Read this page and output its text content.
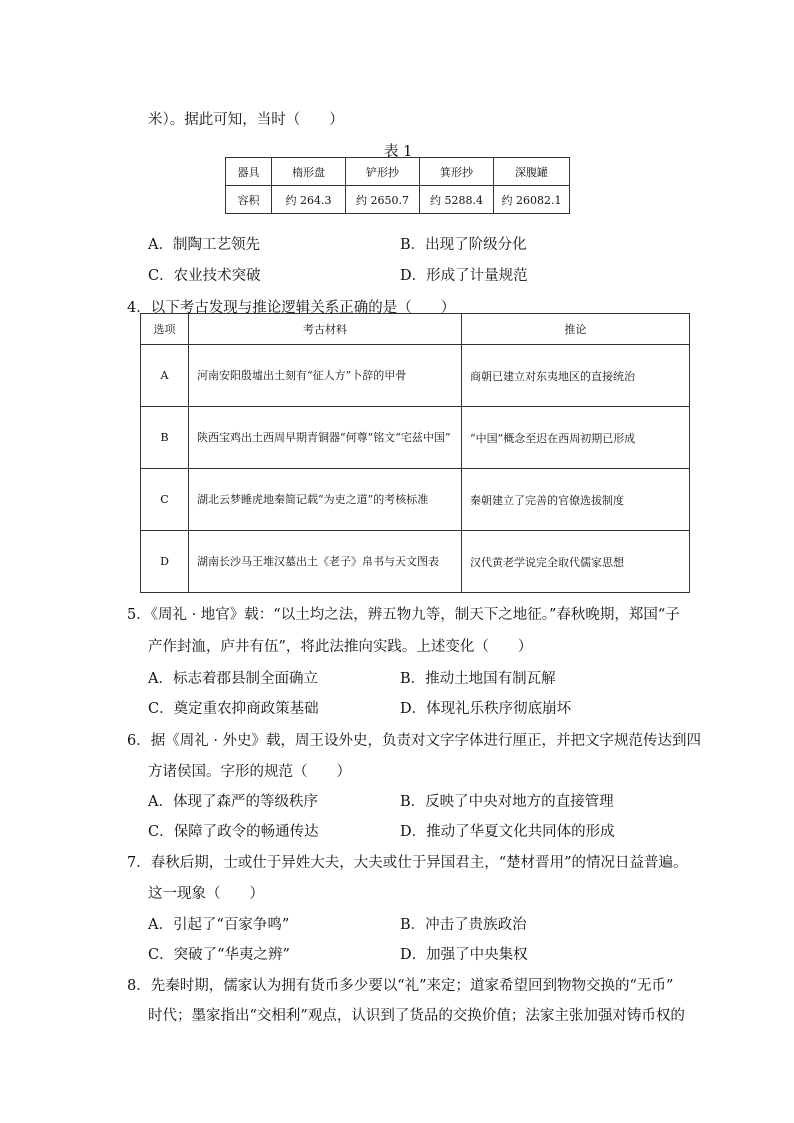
米）。据此可知，当时（　　）
表 1
器具	楕形盘	铲形抄	箕形抄	深腹罐
容积	约 264.3	约 2650.7	约 5288.4	约 26082.1
A．制陶工艺领先	B．出现了阶级分化
C．农业技术突破	D．形成了计量规范
4．以下考古发现与推论逻辑关系正确的是（　　）
选项	考古材料	推论
A	河南安阳殷墟出土刻有“征人方”卜辞的甲骨	商朝已建立对东夷地区的直接统治
B	陕西宝鸡出土西周早期青铜器“何尊”铭文“宅兹中国”	“中国”概念至迟在西周初期已形成
C	湖北云梦睡虎地秦简记载“为吏之道”的考核标准	秦朝建立了完善的官僚选拔制度
D	湖南长沙马王堆汉墓出土《老子》帛书与天文图表	汉代黄老学说完全取代儒家思想
5．《周礼 · 地官》载：“以土均之法，辨五物九等，制天下之地征。”春秋晚期，郑国“子
产作封洫，庐井有伍”，将此法推向实践。上述变化（　　）
A．标志着郡县制全面确立	B．推动土地国有制瓦解
C．奠定重农抑商政策基础	D．体现礼乐秩序彻底崩坏
6．据《周礼 · 外史》载，周王设外史，负责对文字字体进行厘正，并把文字规范传达到四
方诸侯国。字形的规范（　　）
A．体现了森严的等级秩序	B．反映了中央对地方的直接管理
C．保障了政令的畅通传达	D．推动了华夏文化共同体的形成
7．春秋后期，士或仕于异姓大夫，大夫或仕于异国君主，“楚材晋用”的情况日益普遍。
这一现象（　　）
A．引起了“百家争鸣”	B．冲击了贵族政治
C．突破了“华夷之辨”	D．加强了中央集权
8．先秦时期，儒家认为拥有货币多少要以“礼”来定；道家希望回到物物交换的“无币”
时代；墨家指出“交相利”观点，认识到了货品的交换价值；法家主张加强对铸币权的
